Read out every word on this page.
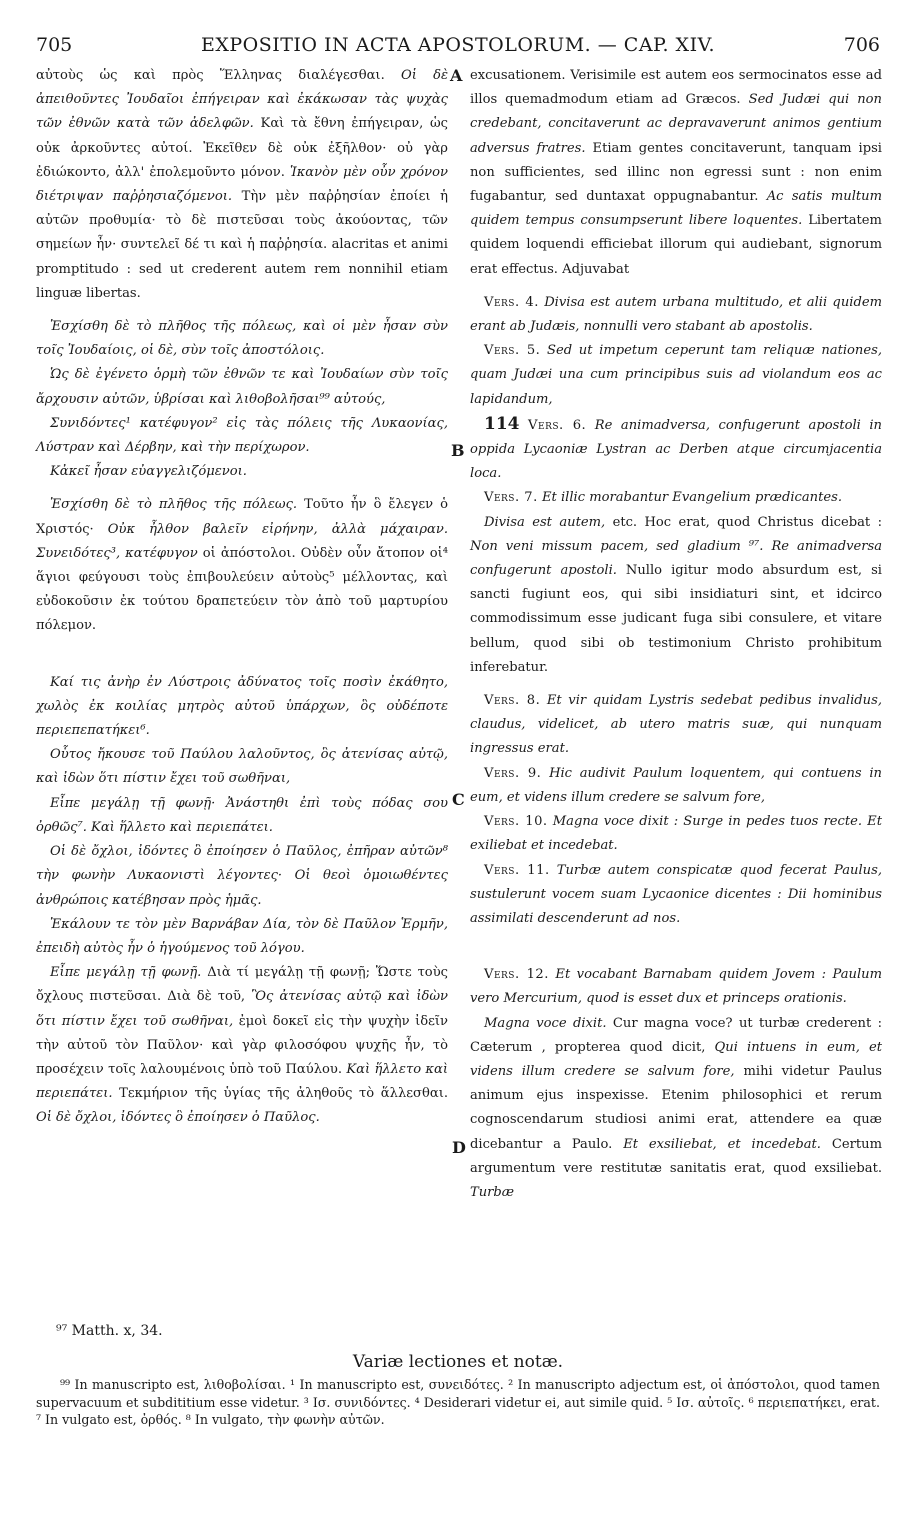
705	EXPOSITIO IN ACTA APOSTOLORUM. — CAP. XIV.	706
A
B
C
D

αὐτοὺς ὡς καὶ πρὸς Ἕλληνας διαλέγεσθαι. Οἱ δὲ ἀπειθοῦντες Ἰουδαῖοι ἐπήγειραν καὶ ἐκάκωσαν τὰς ψυχὰς τῶν ἐθνῶν κατὰ τῶν ἀδελφῶν. Καὶ τὰ ἔθνη ἐπήγειραν, ὡς οὐκ ἀρκοῦντες αὐτοί. Ἐκεῖθεν δὲ οὐκ ἐξῆλθον· οὐ γὰρ ἐδιώκοντο, ἀλλ' ἐπολεμοῦντο μόνον. Ἱκανὸν μὲν οὖν χρόνον διέτριψαν παῤῥησιαζόμενοι. Τὴν μὲν παῤῥησίαν ἐποίει ἡ αὐτῶν προθυμία· τὸ δὲ πιστεῦσαι τοὺς ἀκούοντας, τῶν σημείων ἦν· συντελεῖ δέ τι καὶ ἡ παῤῥησία. alacritas et animi promptitudo : sed ut crederent autem rem nonnihil etiam linguæ libertas.

Ἐσχίσθη δὲ τὸ πλῆθος τῆς πόλεως, καὶ οἱ μὲν ἦσαν σὺν τοῖς Ἰουδαίοις, οἱ δὲ, σὺν τοῖς ἀποστόλοις.

Ὡς δὲ ἐγένετο ὁρμὴ τῶν ἐθνῶν τε καὶ Ἰουδαίων σὺν τοῖς ἄρχουσιν αὐτῶν, ὑβρίσαι καὶ λιθοβολῆσαι⁹⁹ αὐτούς,

Συνιδόντες¹ κατέφυγον² εἰς τὰς πόλεις τῆς Λυκαονίας, Λύστραν καὶ Δέρβην, καὶ τὴν περίχωρον.

Κἀκεῖ ἦσαν εὐαγγελιζόμενοι.

Ἐσχίσθη δὲ τὸ πλῆθος τῆς πόλεως. Τοῦτο ἦν ὃ ἔλεγεν ὁ Χριστός· Οὐκ ἦλθον βαλεῖν εἰρήνην, ἀλλὰ μάχαιραν. Συνειδότες³, κατέφυγον οἱ ἀπόστολοι. Οὐδὲν οὖν ἄτοπον οἱ⁴ ἅγιοι φεύγουσι τοὺς ἐπιβουλεύειν αὐτοὺς⁵ μέλλοντας, καὶ εὐδοκοῦσιν ἐκ τούτου δραπετεύειν τὸν ἀπὸ τοῦ μαρτυρίου πόλεμον.

Καί τις ἀνὴρ ἐν Λύστροις ἀδύνατος τοῖς ποσὶν ἐκάθητο, χωλὸς ἐκ κοιλίας μητρὸς αὐτοῦ ὑπάρχων, ὃς οὐδέποτε περιεπεπατήκει⁶.

Οὗτος ἤκουσε τοῦ Παύλου λαλοῦντος, ὃς ἀτενίσας αὐτῷ, καὶ ἰδὼν ὅτι πίστιν ἔχει τοῦ σωθῆναι,

Εἶπε μεγάλῃ τῇ φωνῇ· Ἀνάστηθι ἐπὶ τοὺς πόδας σου ὀρθῶς⁷. Καὶ ἥλλετο καὶ περιεπάτει.

Οἱ δὲ ὄχλοι, ἰδόντες ὃ ἐποίησεν ὁ Παῦλος, ἐπῆραν αὐτῶν⁸ τὴν φωνὴν Λυκαονιστὶ λέγοντες· Οἱ θεοὶ ὁμοιωθέντες ἀνθρώποις κατέβησαν πρὸς ἡμᾶς.

Ἐκάλουν τε τὸν μὲν Βαρνάβαν Δία, τὸν δὲ Παῦλον Ἑρμῆν, ἐπειδὴ αὐτὸς ἦν ὁ ἡγούμενος τοῦ λόγου.

Εἶπε μεγάλῃ τῇ φωνῇ. Διὰ τί μεγάλῃ τῇ φωνῇ; Ὥστε τοὺς ὄχλους πιστεῦσαι. Διὰ δὲ τοῦ, Ὃς ἀτενίσας αὐτῷ καὶ ἰδὼν ὅτι πίστιν ἔχει τοῦ σωθῆναι, ἐμοὶ δοκεῖ εἰς τὴν ψυχὴν ἰδεῖν τὴν αὐτοῦ τὸν Παῦλον· καὶ γὰρ φιλοσόφου ψυχῆς ἦν, τὸ προσέχειν τοῖς λαλουμένοις ὑπὸ τοῦ Παύλου. Καὶ ἥλλετο καὶ περιεπάτει. Τεκμήριον τῆς ὑγίας τῆς ἀληθοῦς τὸ ἅλλεσθαι. Οἱ δὲ ὄχλοι, ἰδόντες ὃ ἐποίησεν ὁ Παῦλος.

excusationem. Verisimile est autem eos sermocinatos esse ad illos quemadmodum etiam ad Græcos. Sed Judæi qui non credebant, concitaverunt ac depravaverunt animos gentium adversus fratres. Etiam gentes concitaverunt, tanquam ipsi non sufficientes, sed illinc non egressi sunt : non enim fugabantur, sed duntaxat oppugnabantur. Ac satis multum quidem tempus consumpserunt libere loquentes. Libertatem quidem loquendi efficiebat illorum qui audiebant, signorum erat effectus. Adjuvabat

Vers. 4. Divisa est autem urbana multitudo, et alii quidem erant ab Judæis, nonnulli vero stabant ab apostolis.

Vers. 5. Sed ut impetum ceperunt tam reliquæ nationes, quam Judæi una cum principibus suis ad violandum eos ac lapidandum,

114 Vers. 6. Re animadversa, confugerunt apostoli in oppida Lycaoniæ Lystran ac Derben atque circumjacentia loca.

Vers. 7. Et illic morabantur Evangelium prædicantes.

Divisa est autem, etc. Hoc erat, quod Christus dicebat : Non veni missum pacem, sed gladium ⁹⁷. Re animadversa confugerunt apostoli. Nullo igitur modo absurdum est, si sancti fugiunt eos, qui sibi insidiaturi sint, et idcirco commodissimum esse judicant fuga sibi consulere, et vitare bellum, quod sibi ob testimonium Christo prohibitum inferebatur.

Vers. 8. Et vir quidam Lystris sedebat pedibus invalidus, claudus, videlicet, ab utero matris suæ, qui nunquam ingressus erat.

Vers. 9. Hic audivit Paulum loquentem, qui contuens in eum, et videns illum credere se salvum fore,

Vers. 10. Magna voce dixit : Surge in pedes tuos recte. Et exiliebat et incedebat.

Vers. 11. Turbæ autem conspicatæ quod fecerat Paulus, sustulerunt vocem suam Lycaonice dicentes : Dii hominibus assimilati descenderunt ad nos.

Vers. 12. Et vocabant Barnabam quidem Jovem : Paulum vero Mercurium, quod is esset dux et princeps orationis.

Magna voce dixit. Cur magna voce? ut turbæ crederent : Cæterum , propterea quod dicit, Qui intuens in eum, et videns illum credere se salvum fore, mihi videtur Paulus animum ejus inspexisse. Etenim philosophici et rerum cognoscendarum studiosi animi erat, attendere ea quæ dicebantur a Paulo. Et exsiliebat, et incedebat. Certum argumentum vere restitutæ sanitatis erat, quod exsiliebat. Turbæ

⁹⁷ Matth. x, 34.
Variæ lectiones et notæ.
⁹⁹ In manuscripto est, λιθοβολίσαι. ¹ In manuscripto est, συνειδότες. ² In manuscripto adjectum est, οἱ ἀπόστολοι, quod tamen supervacuum et subdititium esse videtur. ³ Ισ. συνιδόντες. ⁴ Desiderari videtur ei, aut simile quid. ⁵ Ισ. αὐτοῖς. ⁶ περιεπατήκει, erat. ⁷ In vulgato est, ὀρθός. ⁸ In vulgato, τὴν φωνὴν αὐτῶν.
